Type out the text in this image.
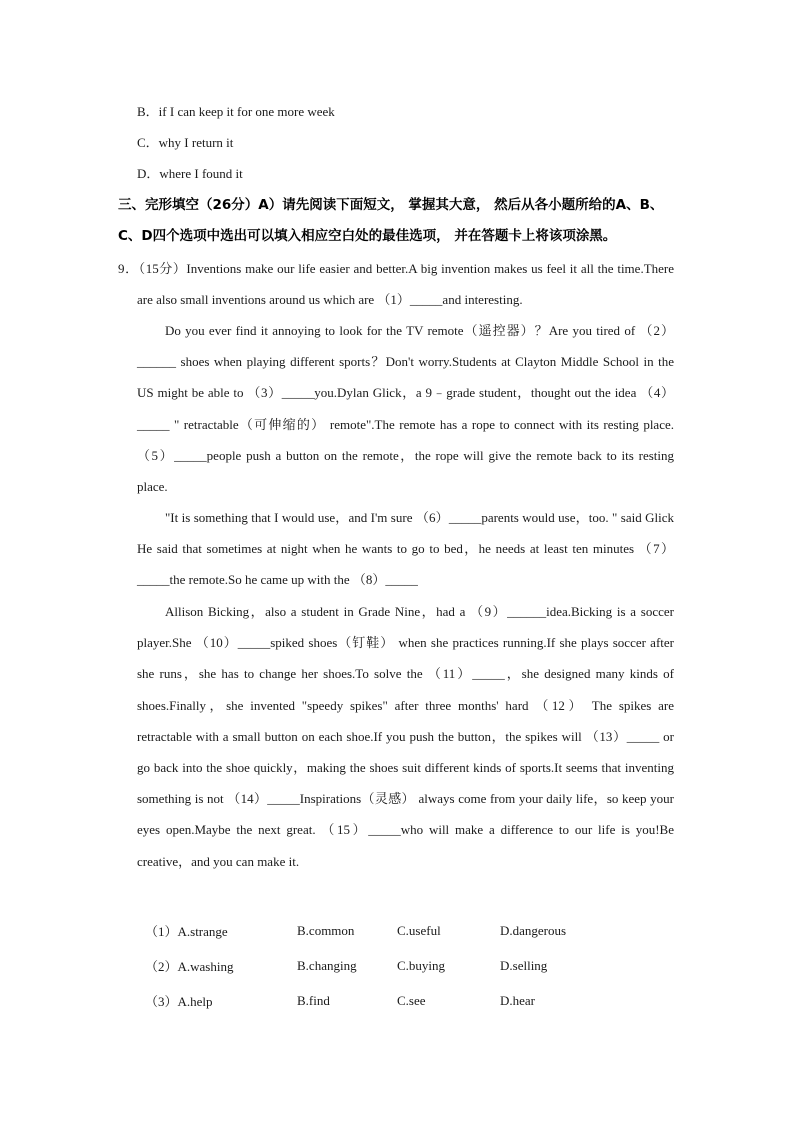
B．if I can keep it for one more week
C．why I return it
D．where I found it
三、完形填空（26分）A）请先阅读下面短文， 掌握其大意， 然后从各小题所给的A、B、C、D四个选项中选出可以填入相应空白处的最佳选项， 并在答题卡上将该项涂黑。
9．（15分）Inventions make our life easier and better.A big invention makes us feel it all the time.There are also small inventions around us which are （1）_____and interesting.
Do you ever find it annoying to look for the TV remote（遥控器）？Are you tired of （2）______ shoes when playing different sports？Don't worry.Students at Clayton Middle School in the US might be able to （3）_____you.Dylan Glick，a 9﹣grade student，thought out the idea （4）_____ " retractable（可伸缩的） remote".The remote has a rope to connect with its resting place. （5）_____people push a button on the remote，the rope will give the remote back to its resting place.
"It is something that I would use，and I'm sure （6）_____parents would use，too. " said Glick He said that sometimes at night when he wants to go to bed，he needs at least ten minutes （7）_____the remote.So he came up with the （8）_____
Allison Bicking，also a student in Grade Nine，had a （9）______idea.Bicking is a soccer player.She （10）_____spiked shoes（钉鞋） when she practices running.If she plays soccer after she runs，she has to change her shoes.To solve the （11）_____，she designed many kinds of shoes.Finally，she invented "speedy spikes" after three months' hard （12） The spikes are retractable with a small button on each shoe.If you push the button，the spikes will （13）_____ or go back into the shoe quickly，making the shoes suit different kinds of sports.It seems that inventing something is not （14）_____Inspirations（灵感） always come from your daily life，so keep your eyes open.Maybe the next great. （15）_____who will make a difference to our life is you!Be creative，and you can make it.
（1）A.strange	B.common	C.useful	D.dangerous
（2）A.washing	B.changing	C.buying	D.selling
（3）A.help	B.find	C.see	D.hear
